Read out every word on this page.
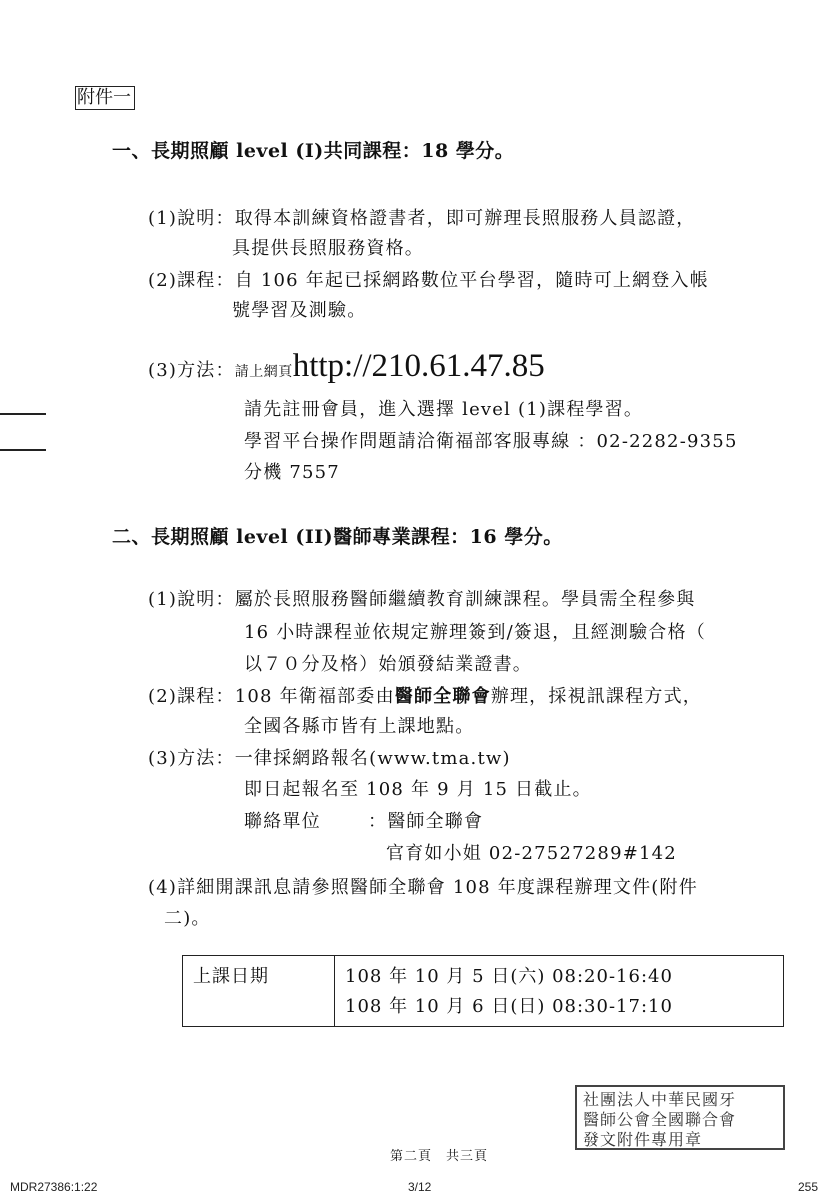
附件一
一、長期照顧 level (I)共同課程：18 學分。
(1)說明：取得本訓練資格證書者，即可辦理長照服務人員認證，
具提供長照服務資格。
(2)課程：自 106 年起已採網路數位平台學習，隨時可上網登入帳
號學習及測驗。
(3)方法：請上網頁http://210.61.47.85
請先註冊會員，進入選擇 level (1)課程學習。
學習平台操作問題請洽衛福部客服專線 ：02-2282-9355
分機 7557
二、長期照顧 level (II)醫師專業課程：16 學分。
(1)說明：屬於長照服務醫師繼續教育訓練課程。學員需全程參與
16 小時課程並依規定辦理簽到/簽退，且經測驗合格（
以７０分及格）始頒發結業證書。
(2)課程：108 年衛福部委由醫師全聯會辦理，採視訊課程方式，
全國各縣市皆有上課地點。
(3)方法：一律採網路報名(www.tma.tw)
即日起報名至 108 年 9 月 15 日截止。
聯絡單位	：醫師全聯會
官育如小姐 02-27527289#142
(4)詳細開課訊息請參照醫師全聯會 108 年度課程辦理文件(附件
二)。
上課日期	108 年 10 月 5 日(六) 08:20-16:40
108 年 10 月 6 日(日) 08:30-17:10
社團法人中華民國牙
醫師公會全國聯合會
發文附件專用章
第二頁　共三頁
MDR27386:1:22	3/12	255
